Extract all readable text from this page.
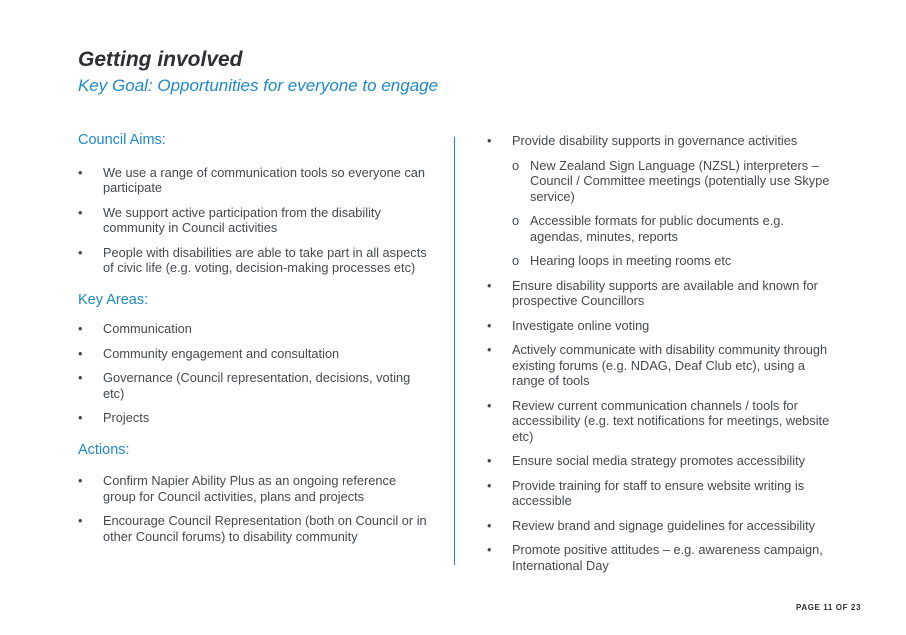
Getting involved
Key Goal: Opportunities for everyone to engage
Council Aims:
• We use a range of communication tools so everyone can participate
• We support active participation from the disability community in Council activities
• People with disabilities are able to take part in all aspects of civic life (e.g. voting, decision-making processes etc)
Key Areas:
• Communication
• Community engagement and consultation
• Governance (Council representation, decisions, voting etc)
• Projects
Actions:
• Confirm Napier Ability Plus as an ongoing reference group for Council activities, plans and projects
• Encourage Council Representation (both on Council or in other Council forums) to disability community
• Provide disability supports in governance activities
o New Zealand Sign Language (NZSL) interpreters – Council / Committee meetings (potentially use Skype service)
o Accessible formats for public documents e.g. agendas, minutes, reports
o Hearing loops in meeting rooms etc
• Ensure disability supports are available and known for prospective Councillors
• Investigate online voting
• Actively communicate with disability community through existing forums (e.g. NDAG, Deaf Club etc), using a range of tools
• Review current communication channels / tools for accessibility (e.g. text notifications for meetings, website etc)
• Ensure social media strategy promotes accessibility
• Provide training for staff to ensure website writing is accessible
• Review brand and signage guidelines for accessibility
• Promote positive attitudes – e.g. awareness campaign, International Day
PAGE 11 OF 23
